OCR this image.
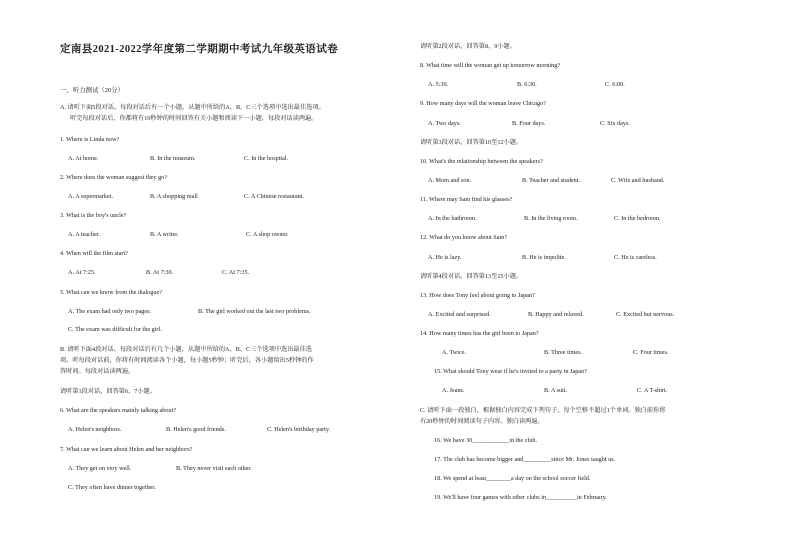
定南县2021-2022学年度第二学期期中考试九年级英语试卷
一、听力测试（20分）
A. 请听下面5段对话。每段对话后有一个小题，从题中所给的A、B、C三个选项中选出最佳选项。
听完每段对话后，你都将有10秒钟的时间回答有关小题和阅读下一小题。每段对话读两遍。
1. Where is Linda now?
A. At home.	B. In the museum.	C. In the hospital.
2. Where does the woman suggest they go?
A. A supermarket.	B. A shopping mall	C. A Chinese restaurant.
3. What is the boy's uncle?
A. A teacher.	B. A writer.	C. A shop owner.
4. When will the film start?
A. At 7:25.	B. At 7:30.	C. At 7:35.
5. What can we know from the dialogue?
A. The exam had only two pages.	B. The girl worked out the last two problems.
C. The exam was difficult for the girl.
B. 请听下面4段对话。每段对话后有几个小题，从题中所给的A、B、C三个选项中选出最佳选
项。听每段对话前，你将有时间阅读各个小题，每小题5秒钟；听完后，各小题给出5秒钟的作
答时间。每段对话读两遍。
请听第1段对话，回答第6、7小题。
6. What are the speakers mainly talking about?
A. Helen's neighbors.	B. Helen's good friends.	C. Helen's birthday party.
7. What can we learn about Helen and her neighbors?
A. They get on very well.	B. They never visit each other.
C. They often have dinner together.
请听第2段对话，回答第8、9小题。
8. What time will the woman get up tomorrow morning?
A. 5:30.	B. 6:30.	C. 6:00.
9. How many days will the woman leave Chicago?
A. Two days.	B. Four days.	C. Six days.
请听第3段对话，回答第10至12小题。
10. What's the relationship between the speakers?
A. Mom and son.	B. Teacher and student.	C. Wife and husband.
11. Where may Sam find his glasses?
A. In the bathroom.	B. In the living room.	C. In the bedroom.
12. What do you know about Sam?
A. He is lazy.	B. He is impolite.	C. He is careless.
请听第4段对话，回答第13至15小题。
13. How does Tony feel about going to Japan?
A. Excited and surprised.	B. Happy and relaxed.	C. Excited but nervous.
14. How many times has the girl been to Japan?
A. Twice.	B. Three times.	C. Four times.
15. What should Tony wear if he's invited to a party in Japan?
A. Jeans.	B. A suit.	C. A T-shirt.
C. 请听下面一段独白，根据独白内容完成下列句子，每个空格不超过1个单词。独白前你将
有20秒钟的时间阅读句子内容。独白读两遍。
16. We have 30____________in the club.
17. The club has become bigger and_________since Mr. Jones taught us.
18. We spend at least________a day on the school soccer field.
19. We'll have four games with other clubs in__________in February.
